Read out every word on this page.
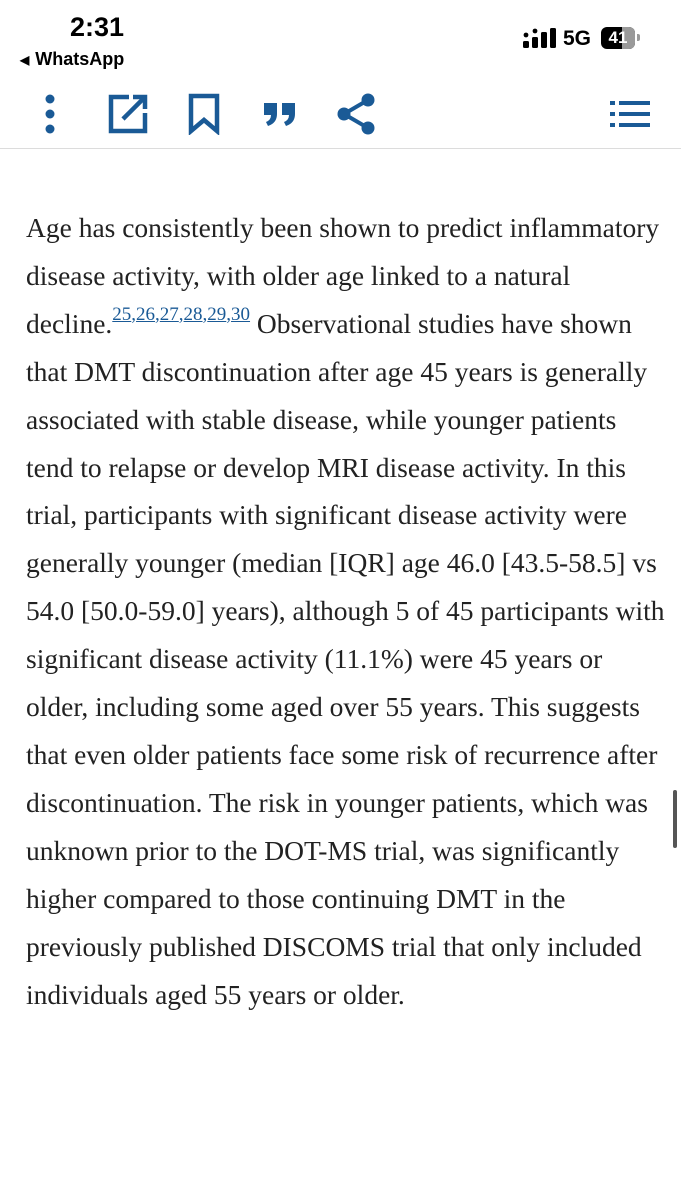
2:31
◀ WhatsApp
5G	41

Age has consistently been shown to predict inflammatory disease activity, with older age linked to a natural decline.$^{25,26,27,28,29,30}$ Observational studies have shown that DMT discontinuation after age 45 years is generally associated with stable disease, while younger patients tend to relapse or develop MRI disease activity. In this trial, participants with significant disease activity were generally younger (median [IQR] age 46.0 [43.5-58.5] vs 54.0 [50.0-59.0] years), although 5 of 45 participants with significant disease activity (11.1%) were 45 years or older, including some aged over 55 years. This suggests that even older patients face some risk of recurrence after discontinuation. The risk in younger patients, which was unknown prior to the DOT-MS trial, was significantly higher compared to those continuing DMT in the previously published DISCOMS trial that only included individuals aged 55 years or older.
